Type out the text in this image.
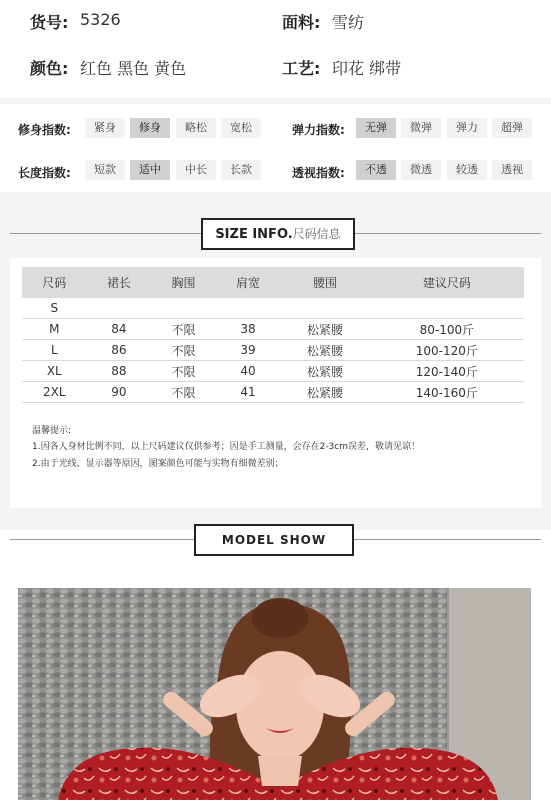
货号: 5326	面料: 雪纺
颜色: 红色 黑色 黄色	工艺: 印花 绑带
修身指数:	紧身	修身	略松	宽松	弹力指数:	无弹	微弹	弹力	超弹
长度指数:	短款	适中	中长	长款	透视指数:	不透	微透	较透	透视
SIZE INFO.尺码信息
尺码	裙长	胸围	肩宽	腰围	建议尺码
S					
M	84	不限	38	松紧腰	80-100斤
L	86	不限	39	松紧腰	100-120斤
XL	88	不限	40	松紧腰	120-140斤
2XL	90	不限	41	松紧腰	140-160斤
温馨提示:
1.因各人身材比例不同，以上尺码建议仅供参考；因是手工测量，会存在2-3cm误差，敬请见谅！
2.由于光线、显示器等原因，图案颜色可能与实物有细微差别；
MODEL SHOW
